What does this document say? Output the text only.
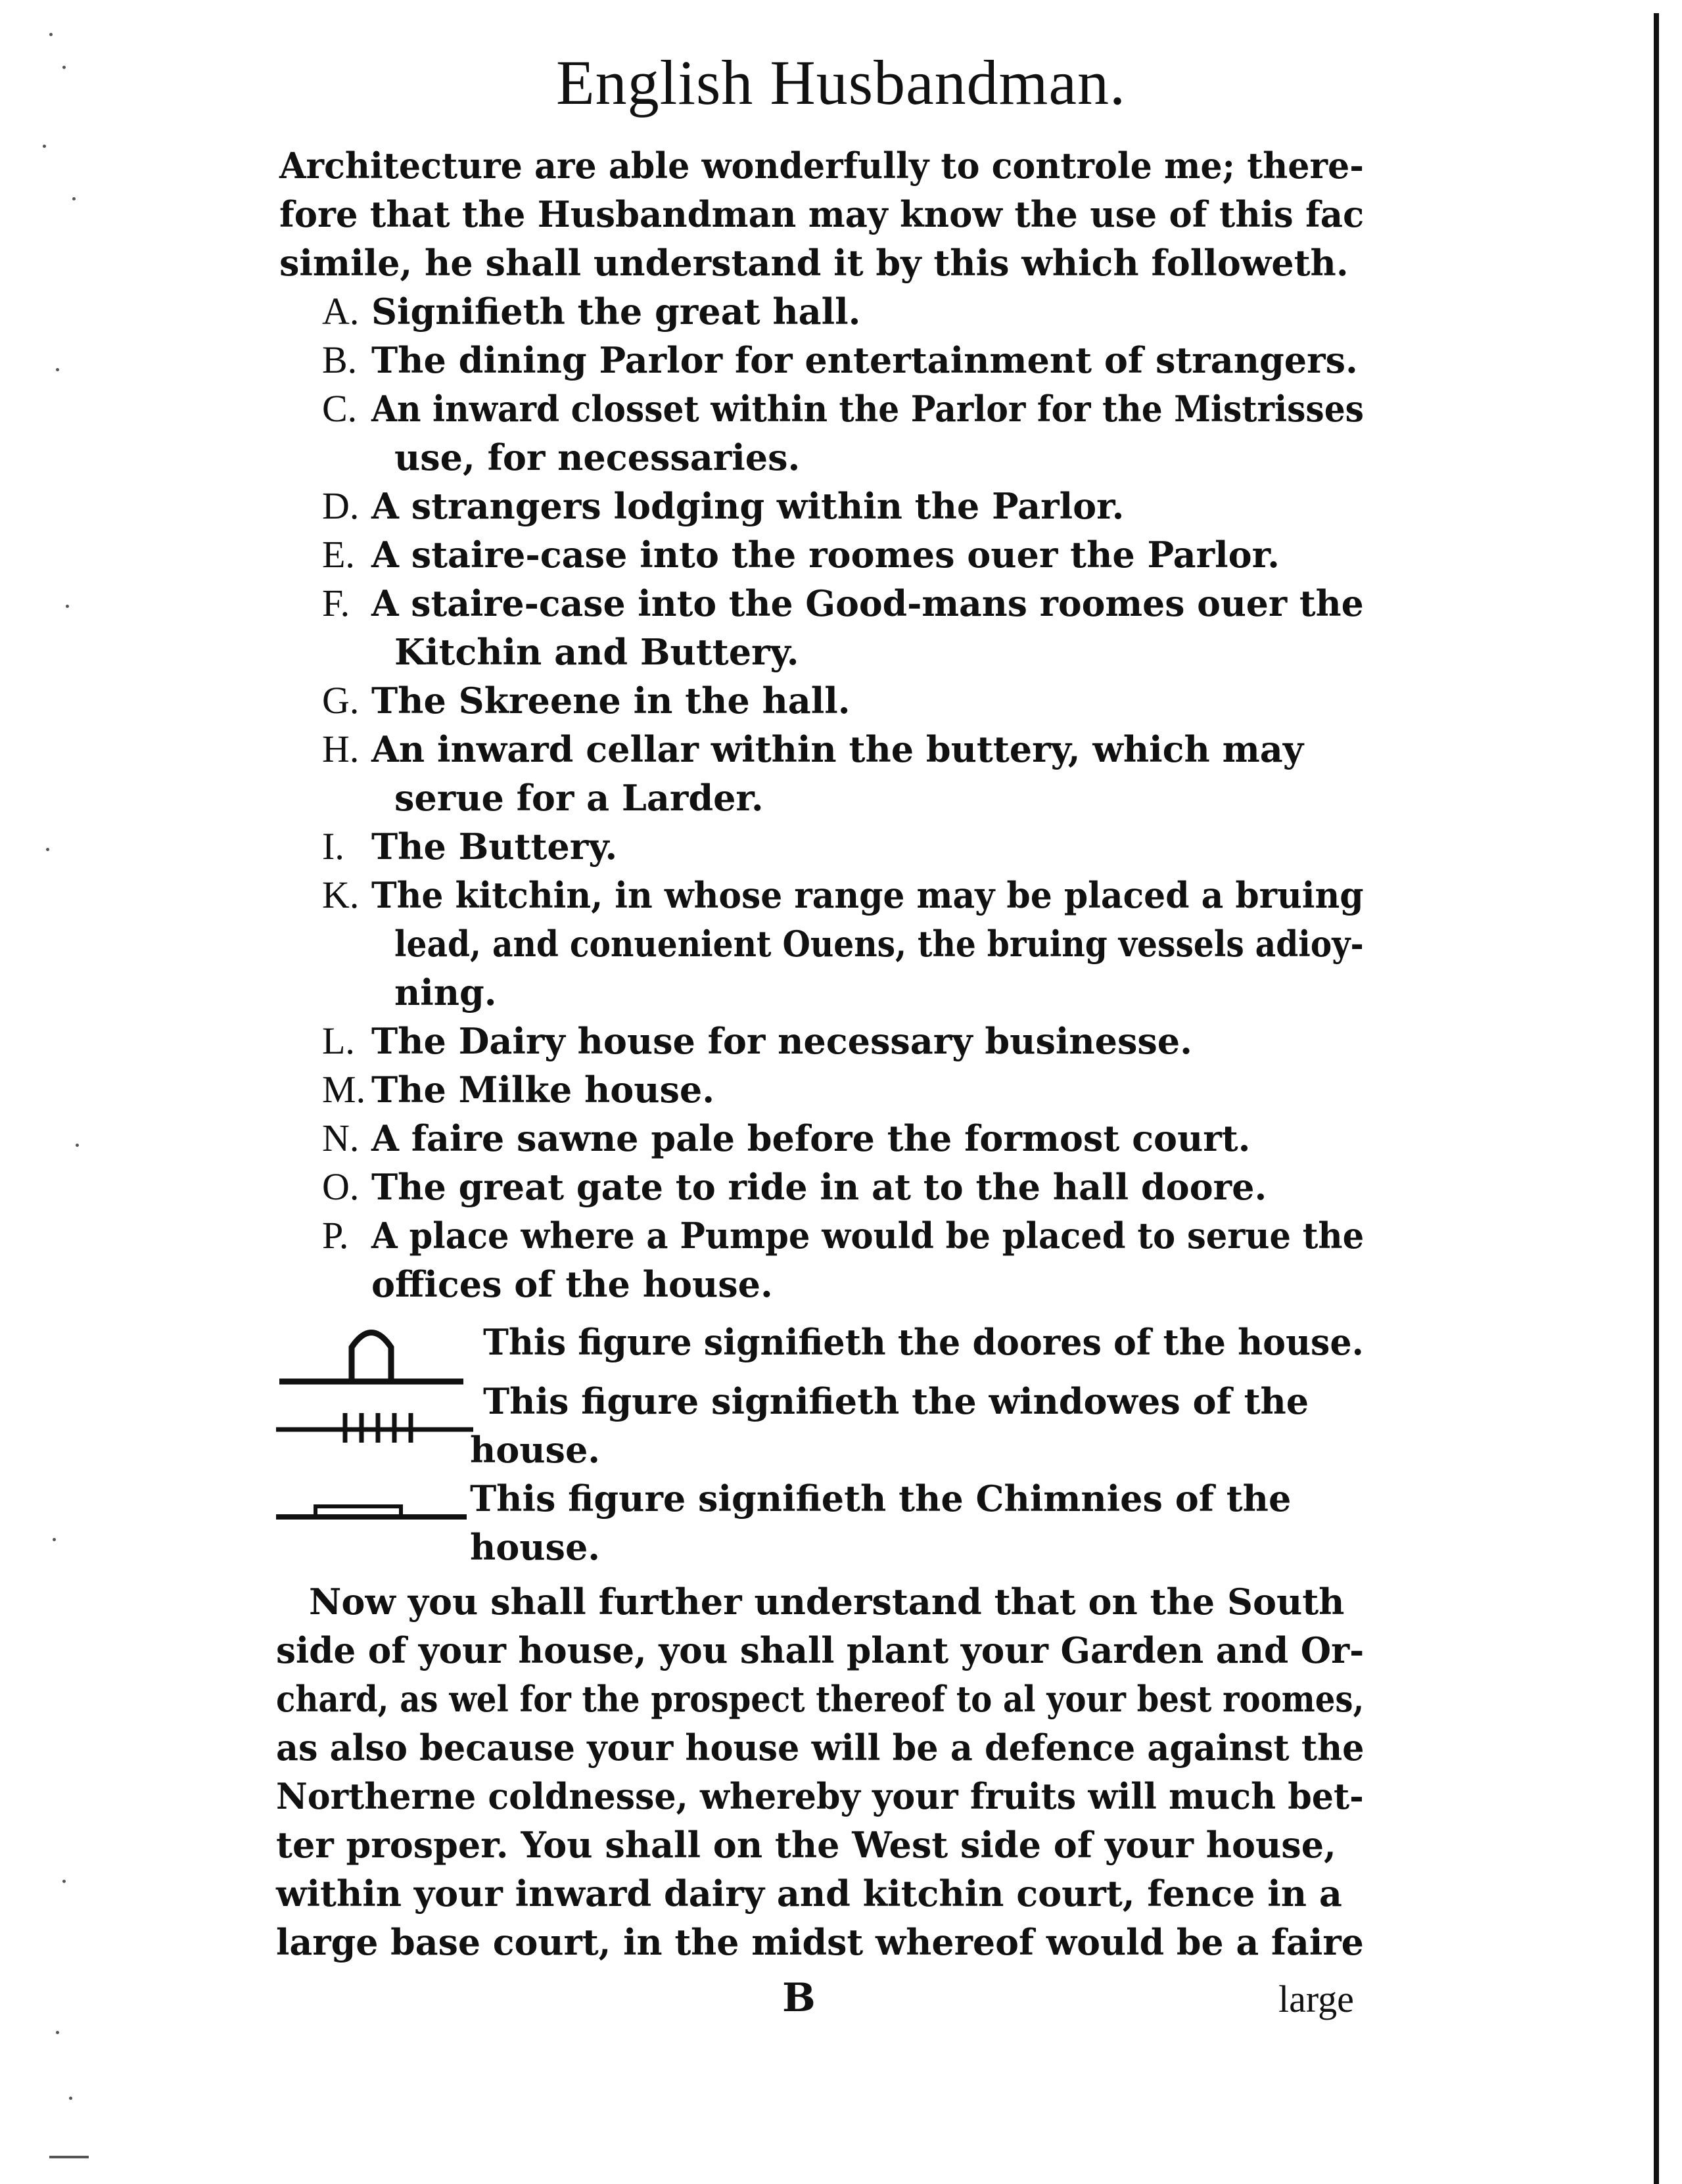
English Husbandman.
Architecture are able wonderfully to controle me; there-
fore that the Husbandman may know the use of this fac
simile, he shall understand it by this which followeth.
A. Signifieth the great hall.
B. The dining Parlor for entertainment of strangers.
C. An inward closset within the Parlor for the Mistrisses
use, for necessaries.
D. A strangers lodging within the Parlor.
E. A staire-case into the roomes ouer the Parlor.
F. A staire-case into the Good-mans roomes ouer the
Kitchin and Buttery.
G. The Skreene in the hall.
H. An inward cellar within the buttery, which may
serue for a Larder.
I. The Buttery.
K. The kitchin, in whose range may be placed a bruing
lead, and conuenient Ouens, the bruing vessels adioy-
ning.
L. The Dairy house for necessary businesse.
M. The Milke house.
N. A faire sawne pale before the formost court.
O. The great gate to ride in at to the hall doore.
P. A place where a Pumpe would be placed to serue the
offices of the house.
This figure signifieth the doores of the house.
This figure signifieth the windowes of the
house.
This figure signifieth the Chimnies of the
house.
Now you shall further understand that on the South
side of your house, you shall plant your Garden and Or-
chard, as wel for the prospect thereof to al your best roomes,
as also because your house will be a defence against the
Northerne coldnesse, whereby your fruits will much bet-
ter prosper. You shall on the West side of your house,
within your inward dairy and kitchin court, fence in a
large base court, in the midst whereof would be a faire
B	large
